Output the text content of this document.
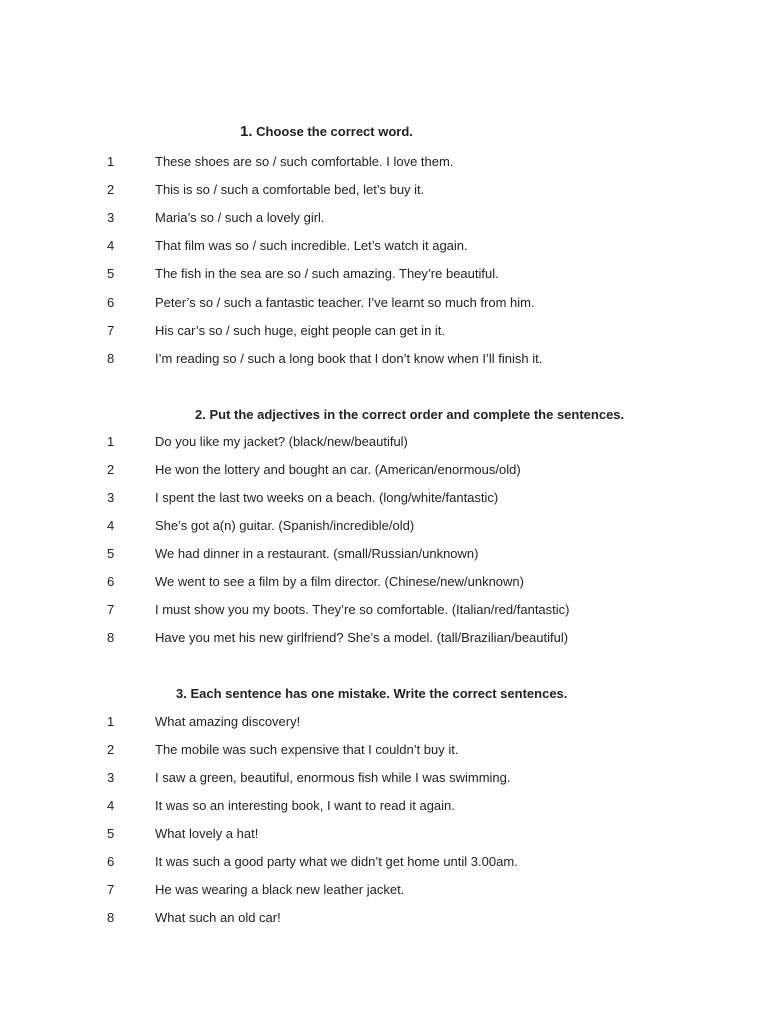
1. Choose the correct word.
1	These shoes are so / such comfortable. I love them.
2	This is so / such a comfortable bed, let’s buy it.
3	Maria’s so / such a lovely girl.
4	That film was so / such incredible. Let’s watch it again.
5	The fish in the sea are so / such amazing. They’re beautiful.
6	Peter’s so / such a fantastic teacher. I’ve learnt so much from him.
7	His car’s so / such huge, eight people can get in it.
8	I’m reading so / such a long book that I don’t know when I’ll finish it.
2. Put the adjectives in the correct order and complete the sentences.
1	Do you like my jacket? (black/new/beautiful)
2	He won the lottery and bought an car. (American/enormous/old)
3	I spent the last two weeks on a beach. (long/white/fantastic)
4	She’s got a(n) guitar. (Spanish/incredible/old)
5	We had dinner in a restaurant. (small/Russian/unknown)
6	We went to see a film by a film director. (Chinese/new/unknown)
7	I must show you my boots. They’re so comfortable. (Italian/red/fantastic)
8	Have you met his new girlfriend? She’s a model. (tall/Brazilian/beautiful)
3. Each sentence has one mistake. Write the correct sentences.
1	What amazing discovery!
2	The mobile was such expensive that I couldn’t buy it.
3	I saw a green, beautiful, enormous fish while I was swimming.
4	It was so an interesting book, I want to read it again.
5	What lovely a hat!
6	It was such a good party what we didn’t get home until 3.00am.
7	He was wearing a black new leather jacket.
8	What such an old car!
